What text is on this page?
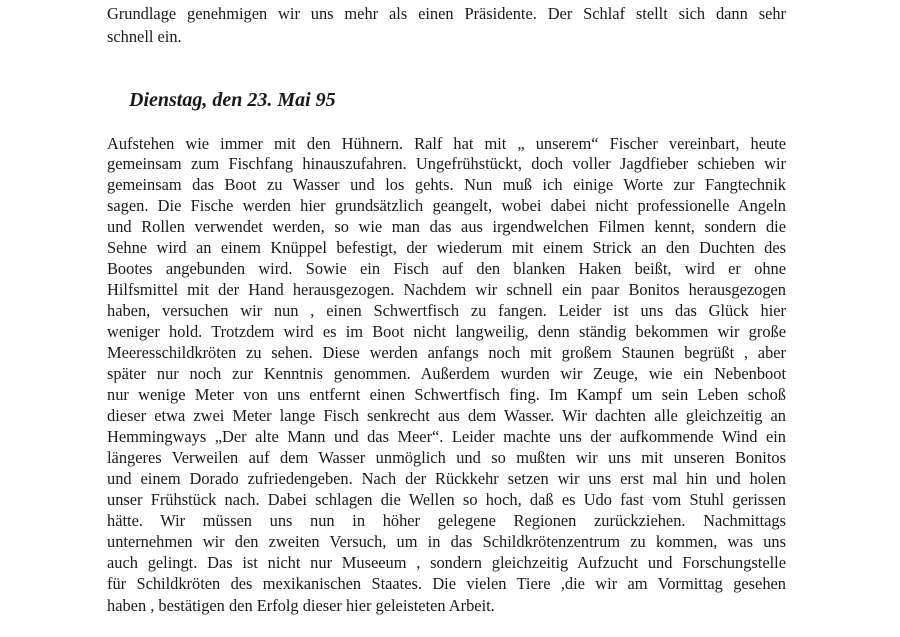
Grundlage genehmigen wir uns mehr als einen Präsidente. Der Schlaf stellt sich dann sehr

schnell ein.

Dienstag, den 23. Mai 95

Aufstehen wie immer mit den Hühnern. Ralf hat mit „ unserem“ Fischer vereinbart, heute

gemeinsam zum Fischfang hinauszufahren. Ungefrühstückt, doch voller Jagdfieber schieben wir

gemeinsam das Boot zu Wasser und los gehts. Nun muß ich einige Worte zur Fangtechnik

sagen. Die Fische werden hier grundsätzlich geangelt, wobei dabei nicht professionelle Angeln

und Rollen verwendet werden, so wie man das aus irgendwelchen Filmen kennt, sondern die

Sehne wird an einem Knüppel befestigt, der wiederum mit einem Strick an den Duchten des

Bootes angebunden wird. Sowie ein Fisch auf den blanken Haken beißt, wird er ohne

Hilfsmittel mit der Hand herausgezogen. Nachdem wir schnell ein paar Bonitos herausgezogen

haben, versuchen wir nun , einen Schwertfisch zu fangen. Leider ist uns das Glück hier

weniger hold. Trotzdem wird es im Boot nicht langweilig, denn ständig bekommen wir große

Meeresschildkröten zu sehen. Diese werden anfangs noch mit großem Staunen begrüßt , aber

später nur noch zur Kenntnis genommen. Außerdem wurden wir Zeuge, wie ein Nebenboot

nur wenige Meter von uns entfernt einen Schwertfisch fing. Im Kampf um sein Leben schoß

dieser etwa zwei Meter lange Fisch senkrecht aus dem Wasser. Wir dachten alle gleichzeitig an

Hemmingways „Der alte Mann und das Meer“. Leider machte uns der aufkommende Wind ein

längeres Verweilen auf dem Wasser unmöglich und so mußten wir uns mit unseren Bonitos

und einem Dorado zufriedengeben. Nach der Rückkehr setzen wir uns erst mal hin und holen

unser Frühstück nach. Dabei schlagen die Wellen so hoch, daß es Udo fast vom Stuhl gerissen

hätte. Wir müssen uns nun in höher gelegene Regionen zurückziehen. Nachmittags

unternehmen wir den zweiten Versuch, um in das Schildkrötenzentrum zu kommen, was uns

auch gelingt. Das ist nicht nur Museeum , sondern gleichzeitig Aufzucht und Forschungstelle

für Schildkröten des mexikanischen Staates. Die vielen Tiere ,die wir am Vormittag gesehen

haben , bestätigen den Erfolg dieser hier geleisteten Arbeit.
